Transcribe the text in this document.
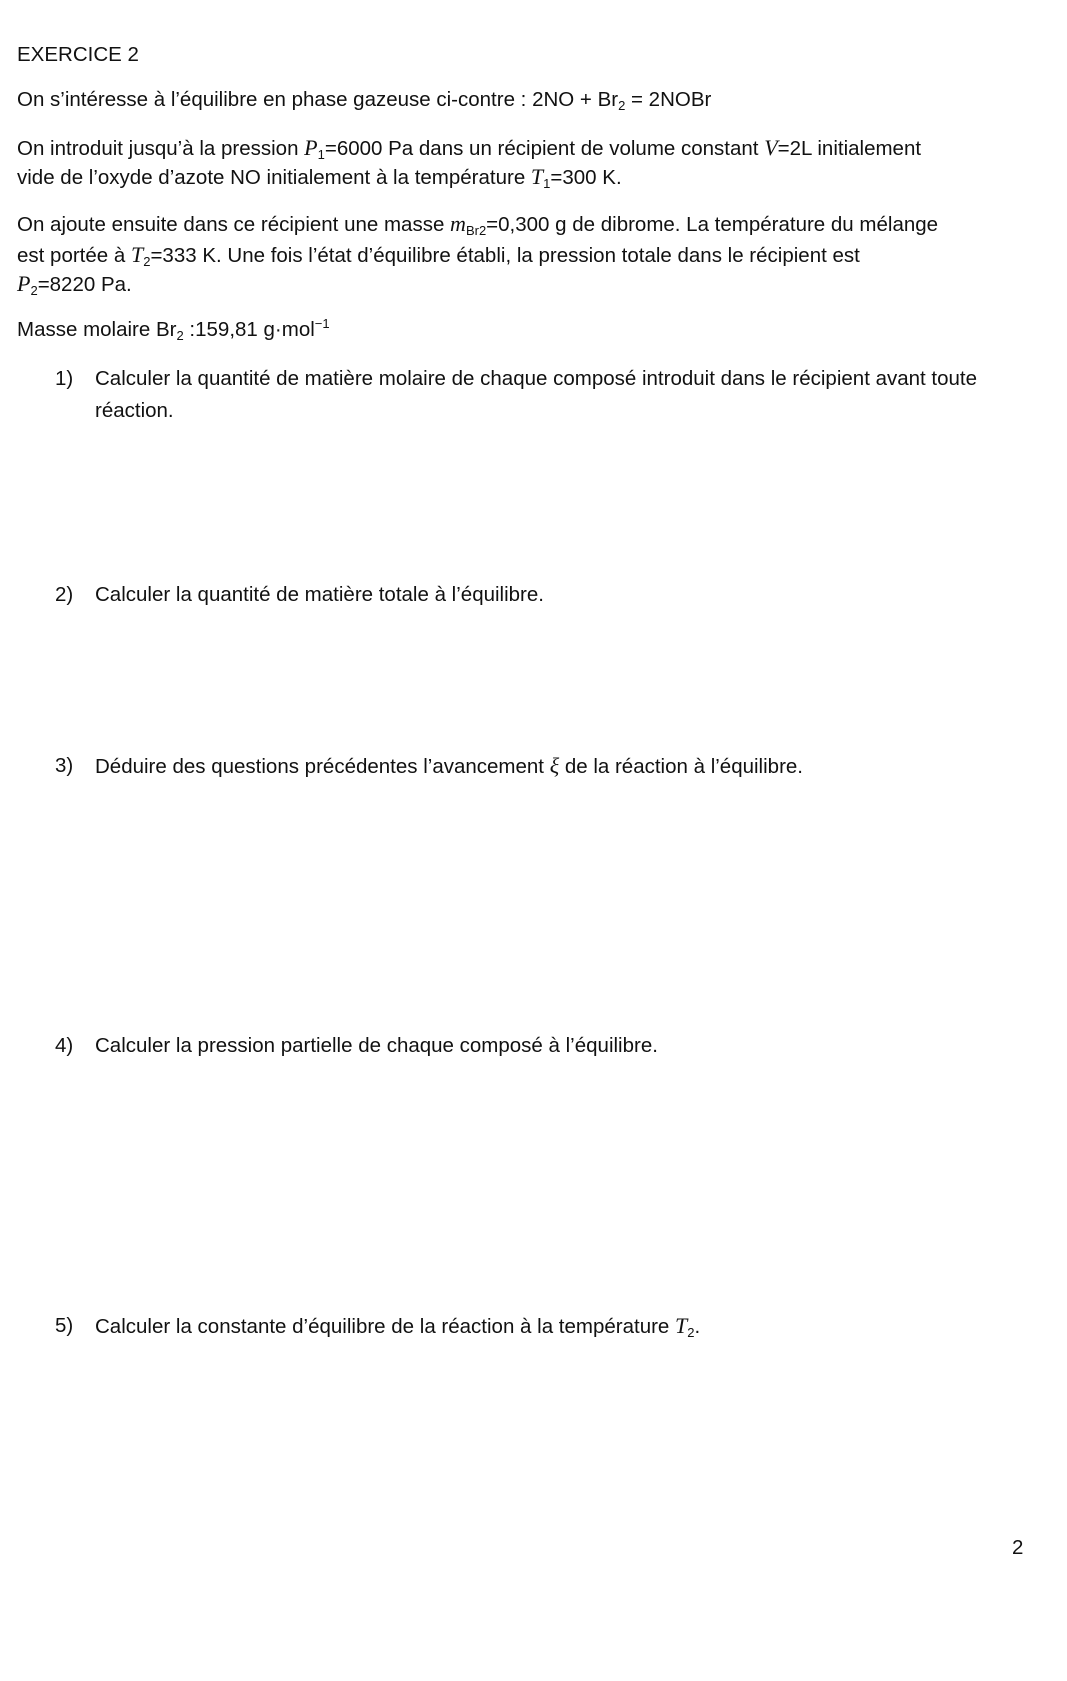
EXERCICE 2
On s’intéresse à l’équilibre en phase gazeuse ci-contre : $2NO + Br_2$ = 2NOBr
On introduit jusqu’à la pression $P_1=6000$ Pa dans un récipient de volume constant V=2L initialement
vide de l’oxyde d’azote NO initialement à la température $T_1=300$ K.
On ajoute ensuite dans ce récipient une masse $m_{Br2}=0,300$ g de dibrome. La température du mélange
est portée à $T_2=333$ K. Une fois l’état d’équilibre établi, la pression totale dans le récipient est
$P_2=8220$ Pa.
Masse molaire $Br_2$ :159,81 g·mol$^{-1}$
1) Calculer la quantité de matière molaire de chaque composé introduit dans le récipient avant toute réaction.
2) Calculer la quantité de matière totale à l’équilibre.
3) Déduire des questions précédentes l’avancement ξ de la réaction à l’équilibre.
4) Calculer la pression partielle de chaque composé à l’équilibre.
5) Calculer la constante d’équilibre de la réaction à la température $T_2$.
2
